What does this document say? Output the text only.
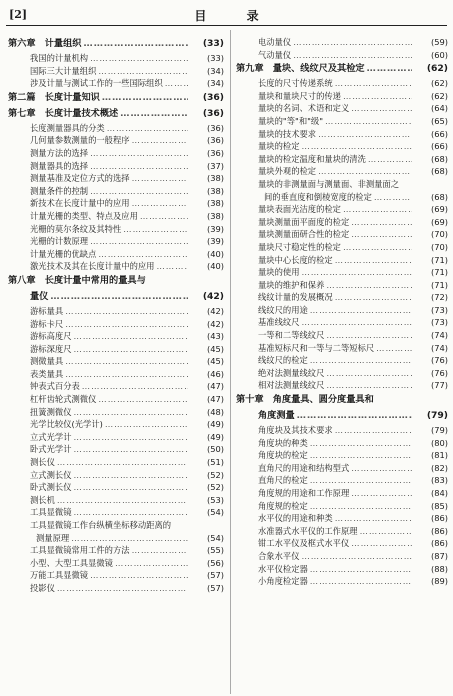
[2]	目 录
第六章　计量组织 ……………………………………………………………………………………………………	(33)
我国的计量机构 ……………………………………………………………………………………………………	(33)
国际三大计量组织 ……………………………………………………………………………………………………	(34)
涉及计量与测试工作的一些国际组织 ……………………………………………………………………………………………………	(34)
第二篇　长度计量知识 ……………………………………………………………………………………………………	(36)
第七章　长度计量技术概述 ……………………………………………………………………………………………………	(36)
长度测量器具的分类 ……………………………………………………………………………………………………	(36)
几何量参数测量的一般程序 ……………………………………………………………………………………………………	(36)
测量方法的选择 ……………………………………………………………………………………………………	(36)
测量器具的选择 ……………………………………………………………………………………………………	(37)
测量基准及定位方式的选择 ……………………………………………………………………………………………………	(38)
测量条件的控制 ……………………………………………………………………………………………………	(38)
新技术在长度计量中的应用 ……………………………………………………………………………………………………	(38)
计量光栅的类型、特点及应用 ……………………………………………………………………………………………………	(38)
光栅的莫尔条纹及其特性 ……………………………………………………………………………………………………	(39)
光栅的计数原理 ……………………………………………………………………………………………………	(39)
计量光栅的优缺点 ……………………………………………………………………………………………………	(40)
激光技术及其在长度计量中的应用 ……………………………………………………………………………………………………	(40)
第八章　长度计量中常用的量具与
量仪 ……………………………………………………………………………………………………	(42)
游标量具 ……………………………………………………………………………………………………	(42)
游标卡尺 ……………………………………………………………………………………………………	(42)
游标高度尺 ……………………………………………………………………………………………………	(43)
游标深度尺 ……………………………………………………………………………………………………	(45)
测微量具 ……………………………………………………………………………………………………	(45)
表类量具 ……………………………………………………………………………………………………	(46)
钟表式百分表 ……………………………………………………………………………………………………	(47)
杠杆齿轮式测微仪 ……………………………………………………………………………………………………	(47)
扭簧测微仪 ……………………………………………………………………………………………………	(48)
光学比较仪(光学计) ……………………………………………………………………………………………………	(49)
立式光学计 ……………………………………………………………………………………………………	(49)
卧式光学计 ……………………………………………………………………………………………………	(50)
测长仪 ……………………………………………………………………………………………………	(51)
立式测长仪 ……………………………………………………………………………………………………	(52)
卧式测长仪 ……………………………………………………………………………………………………	(52)
测长机 ……………………………………………………………………………………………………	(53)
工具显微镜 ……………………………………………………………………………………………………	(54)
工具显微镜工作台纵横坐标移动距离的
测量原理 ……………………………………………………………………………………………………	(54)
工具显微镜常用工件的方法 ……………………………………………………………………………………………………	(55)
小型、大型工具显微镜 ……………………………………………………………………………………………………	(56)
万能工具显微镜 ……………………………………………………………………………………………………	(57)
投影仪 ……………………………………………………………………………………………………	(57)
电动量仪 ……………………………………………………………………………………………………	(59)
气动量仪 ……………………………………………………………………………………………………	(60)
第九章　量块、线纹尺及其检定 ……………………………………………………………………………………………………	(62)
长度的尺寸传递系统 ……………………………………………………………………………………………………	(62)
量块和量块尺寸的传递 ……………………………………………………………………………………………………	(62)
量块的名词、术语和定义 ……………………………………………………………………………………………………	(64)
量块的"等"和"级" ……………………………………………………………………………………………………	(65)
量块的技术要求 ……………………………………………………………………………………………………	(66)
量块的检定 ……………………………………………………………………………………………………	(66)
量块的检定温度和量块的清洗 ……………………………………………………………………………………………………	(68)
量块外观的检定 ……………………………………………………………………………………………………	(68)
量块的非测量面与测量面、非测量面之
间的垂直度和倒棱宽度的检定 ……………………………………………………………………………………………………	(68)
量块表面光洁度的检定 ……………………………………………………………………………………………………	(69)
量块测量面平面度的检定 ……………………………………………………………………………………………………	(69)
量块测量面研合性的检定 ……………………………………………………………………………………………………	(70)
量块尺寸稳定性的检定 ……………………………………………………………………………………………………	(70)
量块中心长度的检定 ……………………………………………………………………………………………………	(71)
量块的使用 ……………………………………………………………………………………………………	(71)
量块的维护和保养 ……………………………………………………………………………………………………	(71)
线纹计量的发展概况 ……………………………………………………………………………………………………	(72)
线纹尺的用途 ……………………………………………………………………………………………………	(73)
基准线纹尺 ……………………………………………………………………………………………………	(73)
一等和二等线纹尺 ……………………………………………………………………………………………………	(74)
基准短标尺和一等与二等短标尺 ……………………………………………………………………………………………………	(74)
线纹尺的检定 ……………………………………………………………………………………………………	(76)
绝对法测量线纹尺 ……………………………………………………………………………………………………	(76)
相对法测量线纹尺 ……………………………………………………………………………………………………	(77)
第十章　角度量具、圆分度量具和
角度测量 ……………………………………………………………………………………………………	(79)
角度块及其技术要求 ……………………………………………………………………………………………………	(79)
角度块的种类 ……………………………………………………………………………………………………	(80)
角度块的检定 ……………………………………………………………………………………………………	(81)
直角尺的用途和结构型式 ……………………………………………………………………………………………………	(82)
直角尺的检定 ……………………………………………………………………………………………………	(83)
角度规的用途和工作原理 ……………………………………………………………………………………………………	(84)
角度规的检定 ……………………………………………………………………………………………………	(85)
水平仪的用途和种类 ……………………………………………………………………………………………………	(86)
水准器式水平仪的工作原理 ……………………………………………………………………………………………………	(86)
钳工水平仪及框式水平仪 ……………………………………………………………………………………………………	(86)
合象水平仪 ……………………………………………………………………………………………………	(87)
水平仪检定器 ……………………………………………………………………………………………………	(88)
小角度检定器 ……………………………………………………………………………………………………	(89)
